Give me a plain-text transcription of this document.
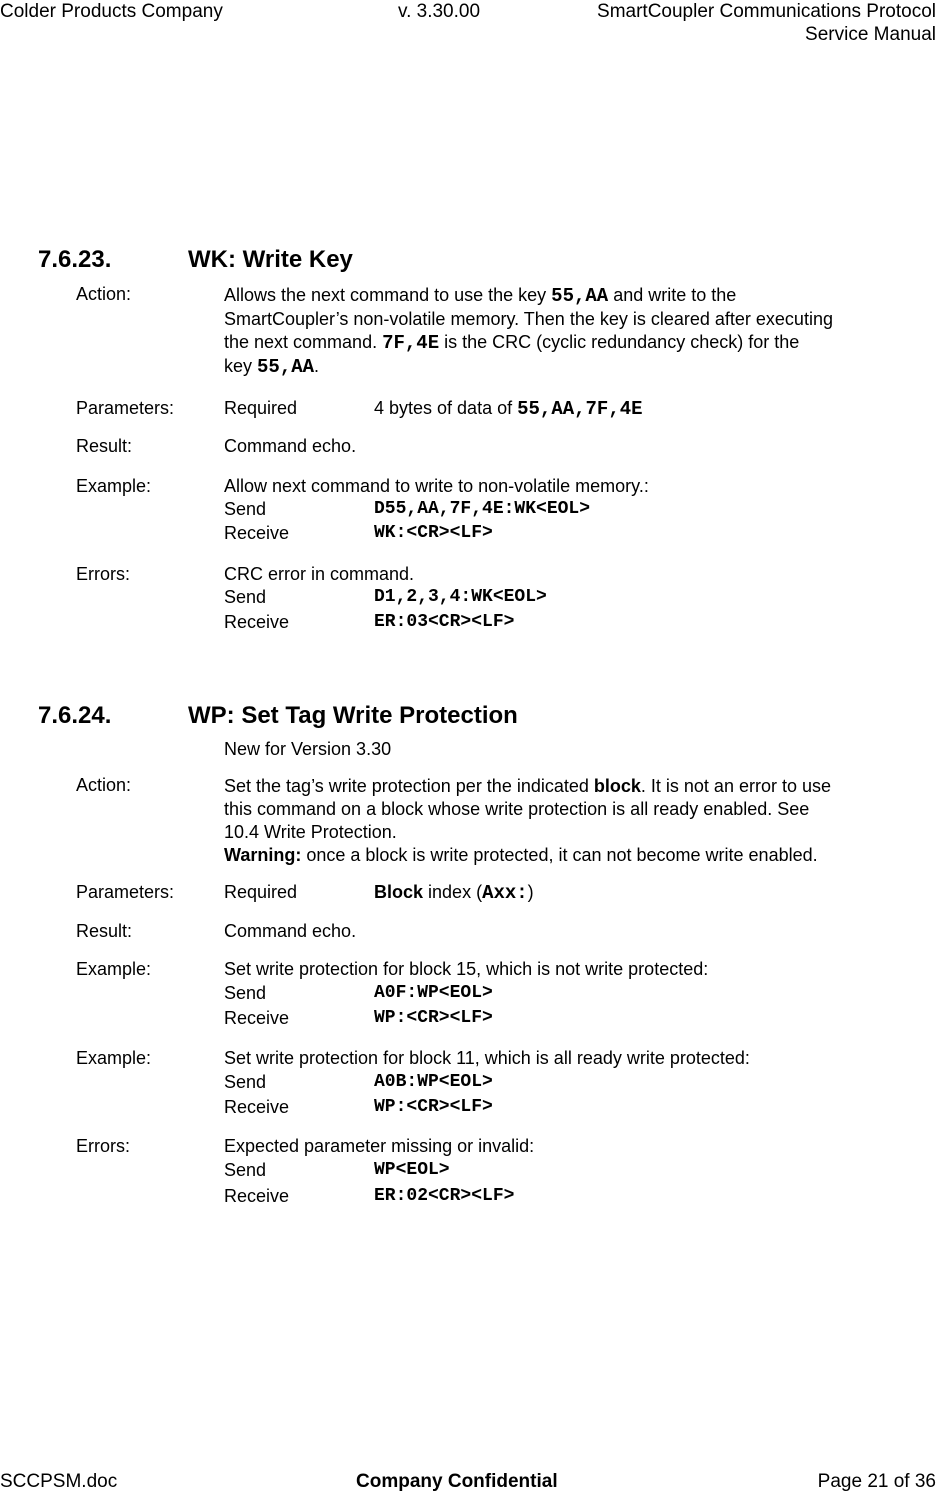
Colder Products Company	v. 3.30.00	SmartCoupler Communications Protocol
Service Manual
7.6.23.	WK: Write Key
Action:	Allows the next command to use the key 55,AA and write to the
SmartCoupler’s non-volatile memory. Then the key is cleared after executing
the next command. 7F,4E is the CRC (cyclic redundancy check) for the
key 55,AA.
Parameters:	Required	4 bytes of data of 55,AA,7F,4E
Result:	Command echo.
Example:	Allow next command to write to non-volatile memory.:
Send	D55,AA,7F,4E:WK<EOL>
Receive	WK:<CR><LF>
Errors:	CRC error in command.
Send	D1,2,3,4:WK<EOL>
Receive	ER:03<CR><LF>
7.6.24.	WP: Set Tag Write Protection
New for Version 3.30
Action:	Set the tag’s write protection per the indicated block. It is not an error to use
this command on a block whose write protection is all ready enabled. See
10.4 Write Protection.
Warning: once a block is write protected, it can not become write enabled.
Parameters:	Required	Block index (Axx:)
Result:	Command echo.
Example:	Set write protection for block 15, which is not write protected:
Send	A0F:WP<EOL>
Receive	WP:<CR><LF>
Example:	Set write protection for block 11, which is all ready write protected:
Send	A0B:WP<EOL>
Receive	WP:<CR><LF>
Errors:	Expected parameter missing or invalid:
Send	WP<EOL>
Receive	ER:02<CR><LF>
SCCPSM.doc	Company Confidential	Page 21 of 36
